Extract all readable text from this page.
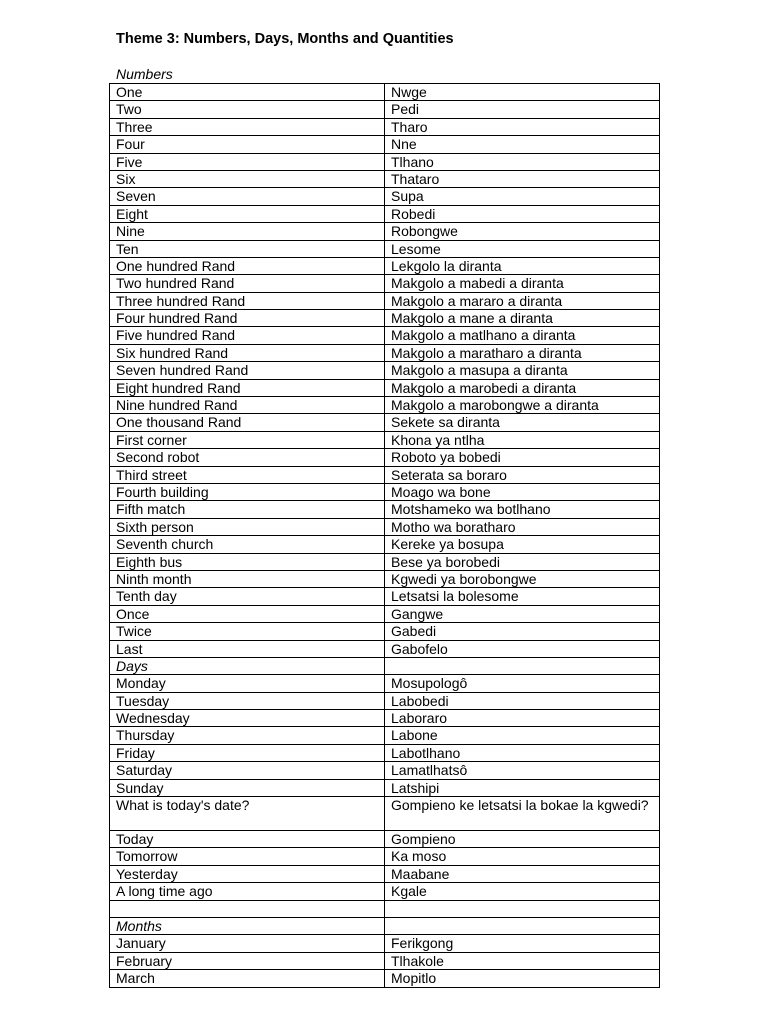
Theme 3: Numbers, Days, Months and Quantities
Numbers
One	Nwge
Two	Pedi
Three	Tharo
Four	Nne
Five	Tlhano
Six	Thataro
Seven	Supa
Eight	Robedi
Nine	Robongwe
Ten	Lesome
One hundred Rand	Lekgolo la diranta
Two hundred Rand	Makgolo a mabedi a diranta
Three hundred Rand	Makgolo a mararo a diranta
Four hundred Rand	Makgolo a mane a diranta
Five hundred Rand	Makgolo a matlhano a diranta
Six hundred Rand	Makgolo a maratharo a diranta
Seven hundred Rand	Makgolo a masupa a diranta
Eight hundred Rand	Makgolo a marobedi a diranta
Nine hundred Rand	Makgolo a marobongwe a diranta
One thousand Rand	Sekete sa diranta
First corner	Khona ya ntlha
Second robot	Roboto ya bobedi
Third street	Seterata sa boraro
Fourth building	Moago wa bone
Fifth match	Motshameko wa botlhano
Sixth person	Motho wa boratharo
Seventh church	Kereke ya bosupa
Eighth bus	Bese ya borobedi
Ninth month	Kgwedi ya borobongwe
Tenth day	Letsatsi la bolesome
Once	Gangwe
Twice	Gabedi
Last	Gabofelo
Days	
Monday	Mosupologô
Tuesday	Labobedi
Wednesday	Laboraro
Thursday	Labone
Friday	Labotlhano
Saturday	Lamatlhatsô
Sunday	Latshipi
What is today's date?	Gompieno ke letsatsi la bokae la kgwedi?
Today	Gompieno
Tomorrow	Ka moso
Yesterday	Maabane
A long time ago	Kgale

Months	
January	Ferikgong
February	Tlhakole
March	Mopitlo
